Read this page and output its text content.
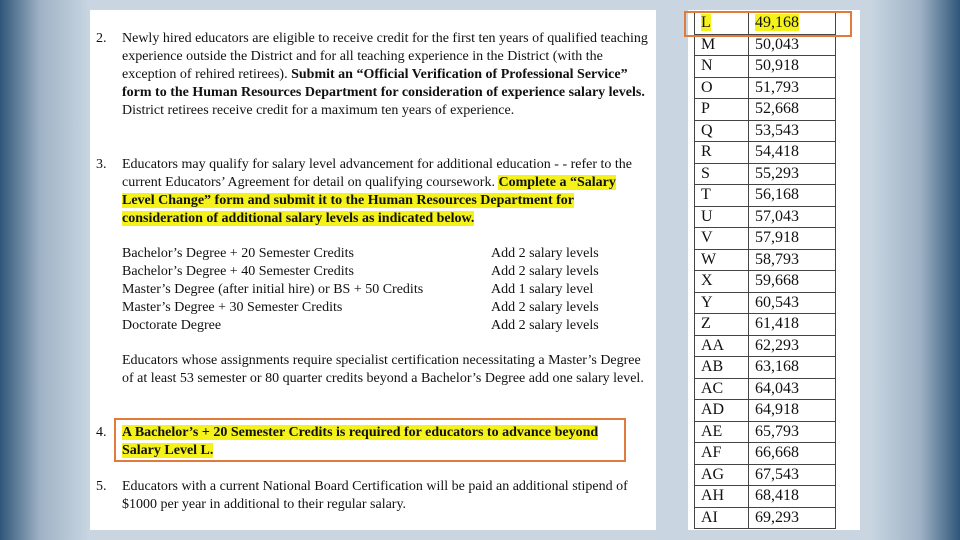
2. Newly hired educators are eligible to receive credit for the first ten years of qualified teaching experience outside the District and for all teaching experience in the District (with the exception of rehired retirees). Submit an “Official Verification of Professional Service” form to the Human Resources Department for consideration of experience salary levels. District retirees receive credit for a maximum ten years of experience.
3. Educators may qualify for salary level advancement for additional education - - refer to the current Educators’ Agreement for detail on qualifying coursework. Complete a “Salary Level Change” form and submit it to the Human Resources Department for consideration of additional salary levels as indicated below.
Bachelor’s Degree + 20 Semester Credits	Add 2 salary levels
Bachelor’s Degree + 40 Semester Credits	Add 2 salary levels
Master’s Degree (after initial hire) or BS + 50 Credits	Add 1 salary level
Master’s Degree + 30 Semester Credits	Add 2 salary levels
Doctorate Degree	Add 2 salary levels
Educators whose assignments require specialist certification necessitating a Master’s Degree of at least 53 semester or 80 quarter credits beyond a Bachelor’s Degree add one salary level.
4. A Bachelor’s + 20 Semester Credits is required for educators to advance beyond Salary Level L.
5. Educators with a current National Board Certification will be paid an additional stipend of $1000 per year in additional to their regular salary.
L	49,168
M	50,043
N	50,918
O	51,793
P	52,668
Q	53,543
R	54,418
S	55,293
T	56,168
U	57,043
V	57,918
W	58,793
X	59,668
Y	60,543
Z	61,418
AA	62,293
AB	63,168
AC	64,043
AD	64,918
AE	65,793
AF	66,668
AG	67,543
AH	68,418
AI	69,293
